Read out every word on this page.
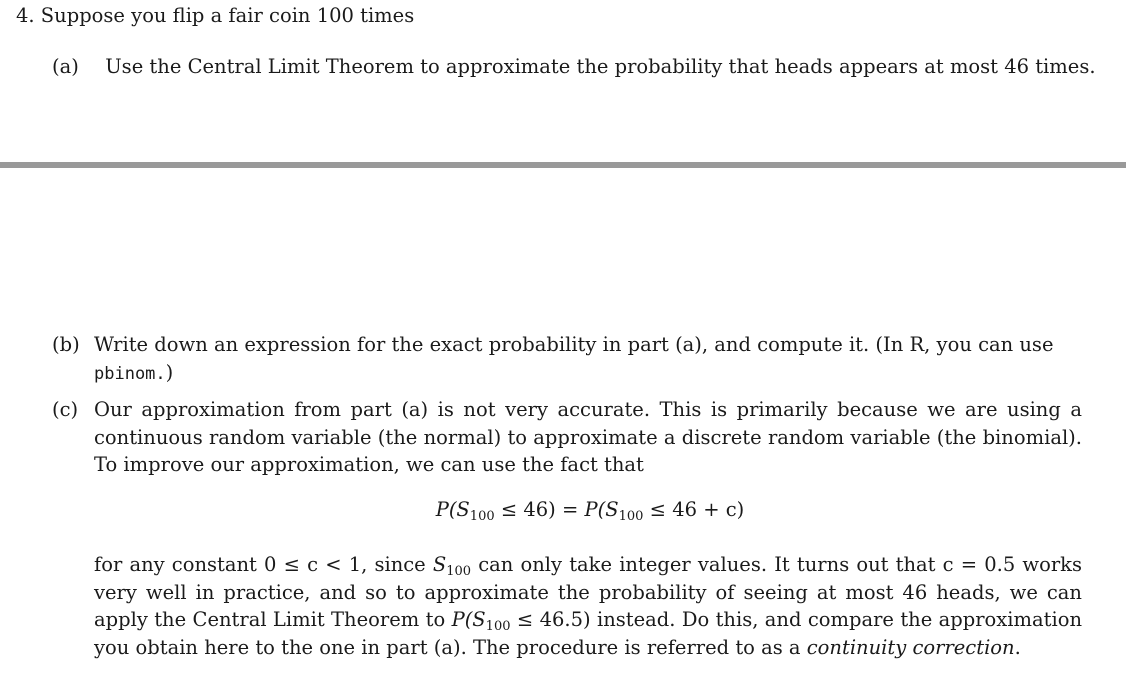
4. Suppose you flip a fair coin 100 times
(a) Use the Central Limit Theorem to approximate the probability that heads appears at most 46 times.
(b) Write down an expression for the exact probability in part (a), and compute it. (In R, you can use
pbinom.)
(c) Our approximation from part (a) is not very accurate. This is primarily because we are using a continuous random variable (the normal) to approximate a discrete random variable (the binomial). To improve our approximation, we can use the fact that
$P(S_{100} \le 46) = P(S_{100} \le 46 + c)$
for any constant 0 ≤ c < 1, since $S_{100}$ can only take integer values. It turns out that c = 0.5 works very well in practice, and so to approximate the probability of seeing at most 46 heads, we can apply the Central Limit Theorem to $P(S_{100} \le 46.5)$ instead. Do this, and compare the approximation you obtain here to the one in part (a). The procedure is referred to as a continuity correction.
